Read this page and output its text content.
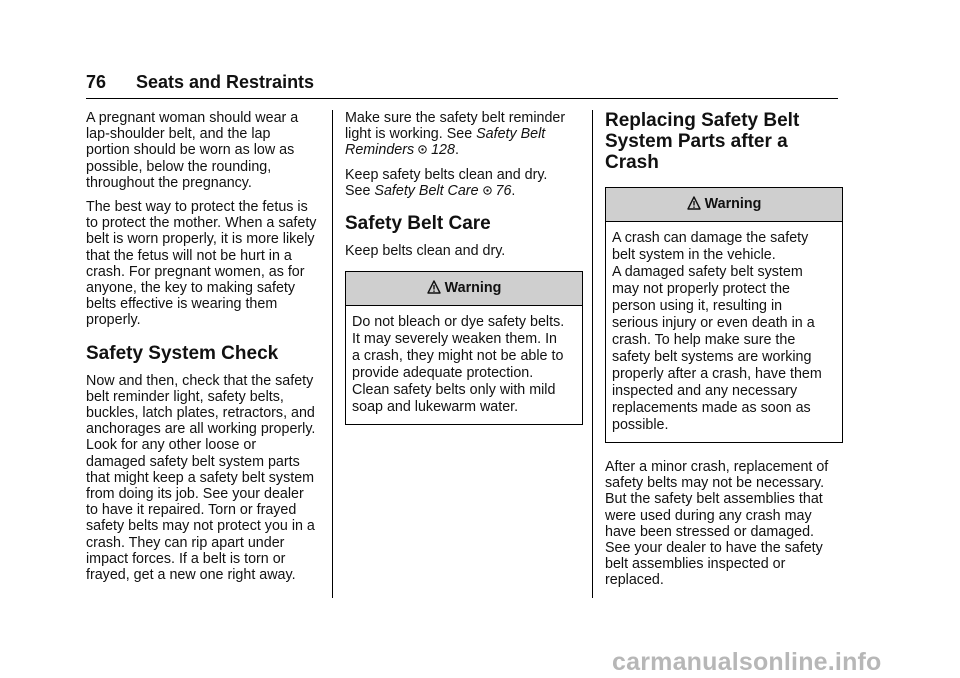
76 Seats and Restraints

A pregnant woman should wear a
lap-shoulder belt, and the lap
portion should be worn as low as
possible, below the rounding,
throughout the pregnancy.

The best way to protect the fetus is
to protect the mother. When a safety
belt is worn properly, it is more likely
that the fetus will not be hurt in a
crash. For pregnant women, as for
anyone, the key to making safety
belts effective is wearing them
properly.

Safety System Check

Now and then, check that the safety
belt reminder light, safety belts,
buckles, latch plates, retractors, and
anchorages are all working properly.
Look for any other loose or
damaged safety belt system parts
that might keep a safety belt system
from doing its job. See your dealer
to have it repaired. Torn or frayed
safety belts may not protect you in a
crash. They can rip apart under
impact forces. If a belt is torn or
frayed, get a new one right away.

Make sure the safety belt reminder
light is working. See Safety Belt
Reminders 128.

Keep safety belts clean and dry.
See Safety Belt Care 76.

Safety Belt Care

Keep belts clean and dry.

Warning
Do not bleach or dye safety belts.
It may severely weaken them. In
a crash, they might not be able to
provide adequate protection.
Clean safety belts only with mild
soap and lukewarm water.
Replacing Safety Belt
System Parts after a
Crash
Warning
A crash can damage the safety
belt system in the vehicle.
A damaged safety belt system
may not properly protect the
person using it, resulting in
serious injury or even death in a
crash. To help make sure the
safety belt systems are working
properly after a crash, have them
inspected and any necessary
replacements made as soon as
possible.

After a minor crash, replacement of
safety belts may not be necessary.
But the safety belt assemblies that
were used during any crash may
have been stressed or damaged.
See your dealer to have the safety
belt assemblies inspected or
replaced.

carmanualsonline.info
